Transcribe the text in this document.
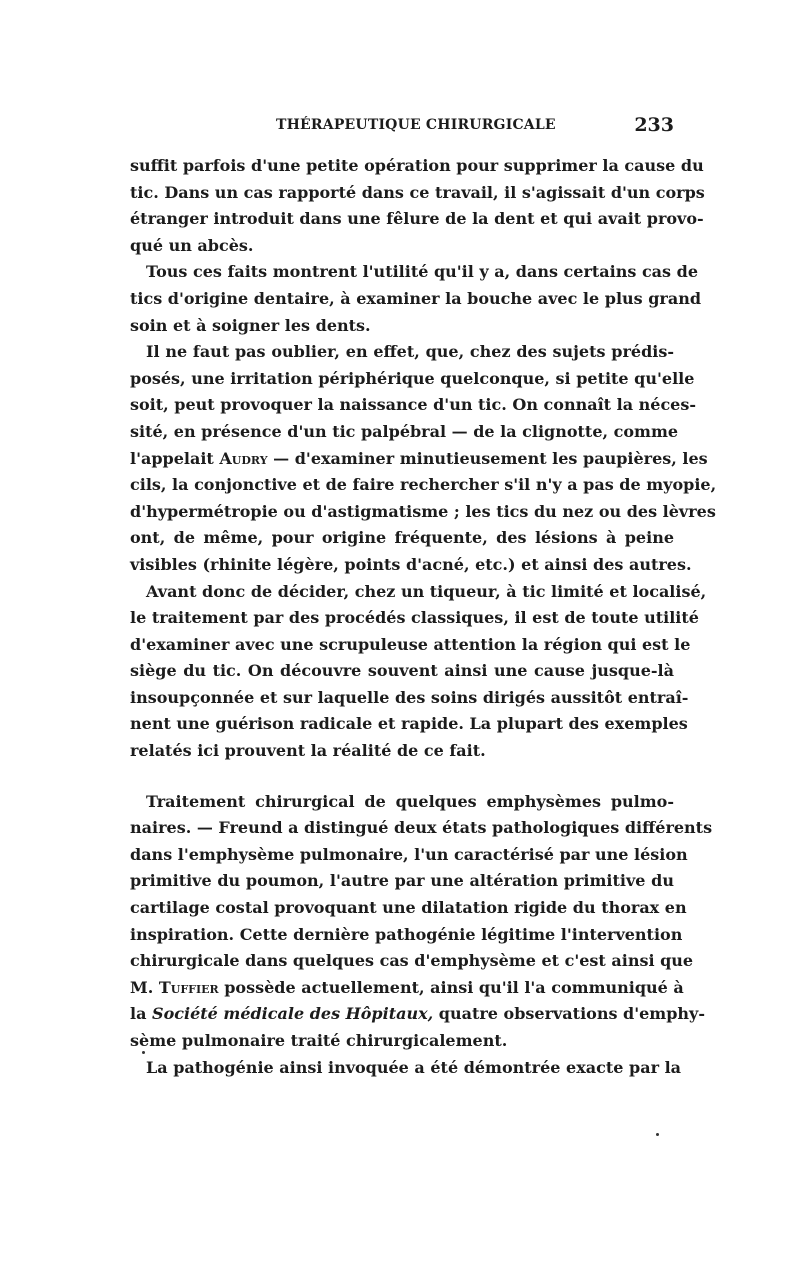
THÉRAPEUTIQUE CHIRURGICALE	233
suffit parfois d'une petite opération pour supprimer la cause du
tic. Dans un cas rapporté dans ce travail, il s'agissait d'un corps
étranger introduit dans une fêlure de la dent et qui avait provo-
qué un abcès.
Tous ces faits montrent l'utilité qu'il y a, dans certains cas de
tics d'origine dentaire, à examiner la bouche avec le plus grand
soin et à soigner les dents.
Il ne faut pas oublier, en effet, que, chez des sujets prédis-
posés, une irritation périphérique quelconque, si petite qu'elle
soit, peut provoquer la naissance d'un tic. On connaît la néces-
sité, en présence d'un tic palpébral — de la clignotte, comme
l'appelait Audry — d'examiner minutieusement les paupières, les
cils, la conjonctive et de faire rechercher s'il n'y a pas de myopie,
d'hypermétropie ou d'astigmatisme ; les tics du nez ou des lèvres
ont, de même, pour origine fréquente, des lésions à peine
visibles (rhinite légère, points d'acné, etc.) et ainsi des autres.
Avant donc de décider, chez un tiqueur, à tic limité et localisé,
le traitement par des procédés classiques, il est de toute utilité
d'examiner avec une scrupuleuse attention la région qui est le
siège du tic. On découvre souvent ainsi une cause jusque-là
insoupçonnée et sur laquelle des soins dirigés aussitôt entraî-
nent une guérison radicale et rapide. La plupart des exemples
relatés ici prouvent la réalité de ce fait.
Traitement chirurgical de quelques emphysèmes pulmo-
naires. — Freund a distingué deux états pathologiques différents
dans l'emphysème pulmonaire, l'un caractérisé par une lésion
primitive du poumon, l'autre par une altération primitive du
cartilage costal provoquant une dilatation rigide du thorax en
inspiration. Cette dernière pathogénie légitime l'intervention
chirurgicale dans quelques cas d'emphysème et c'est ainsi que
M. Tuffier possède actuellement, ainsi qu'il l'a communiqué à
la Société médicale des Hôpitaux, quatre observations d'emphy-
sème pulmonaire traité chirurgicalement.
La pathogénie ainsi invoquée a été démontrée exacte par la
